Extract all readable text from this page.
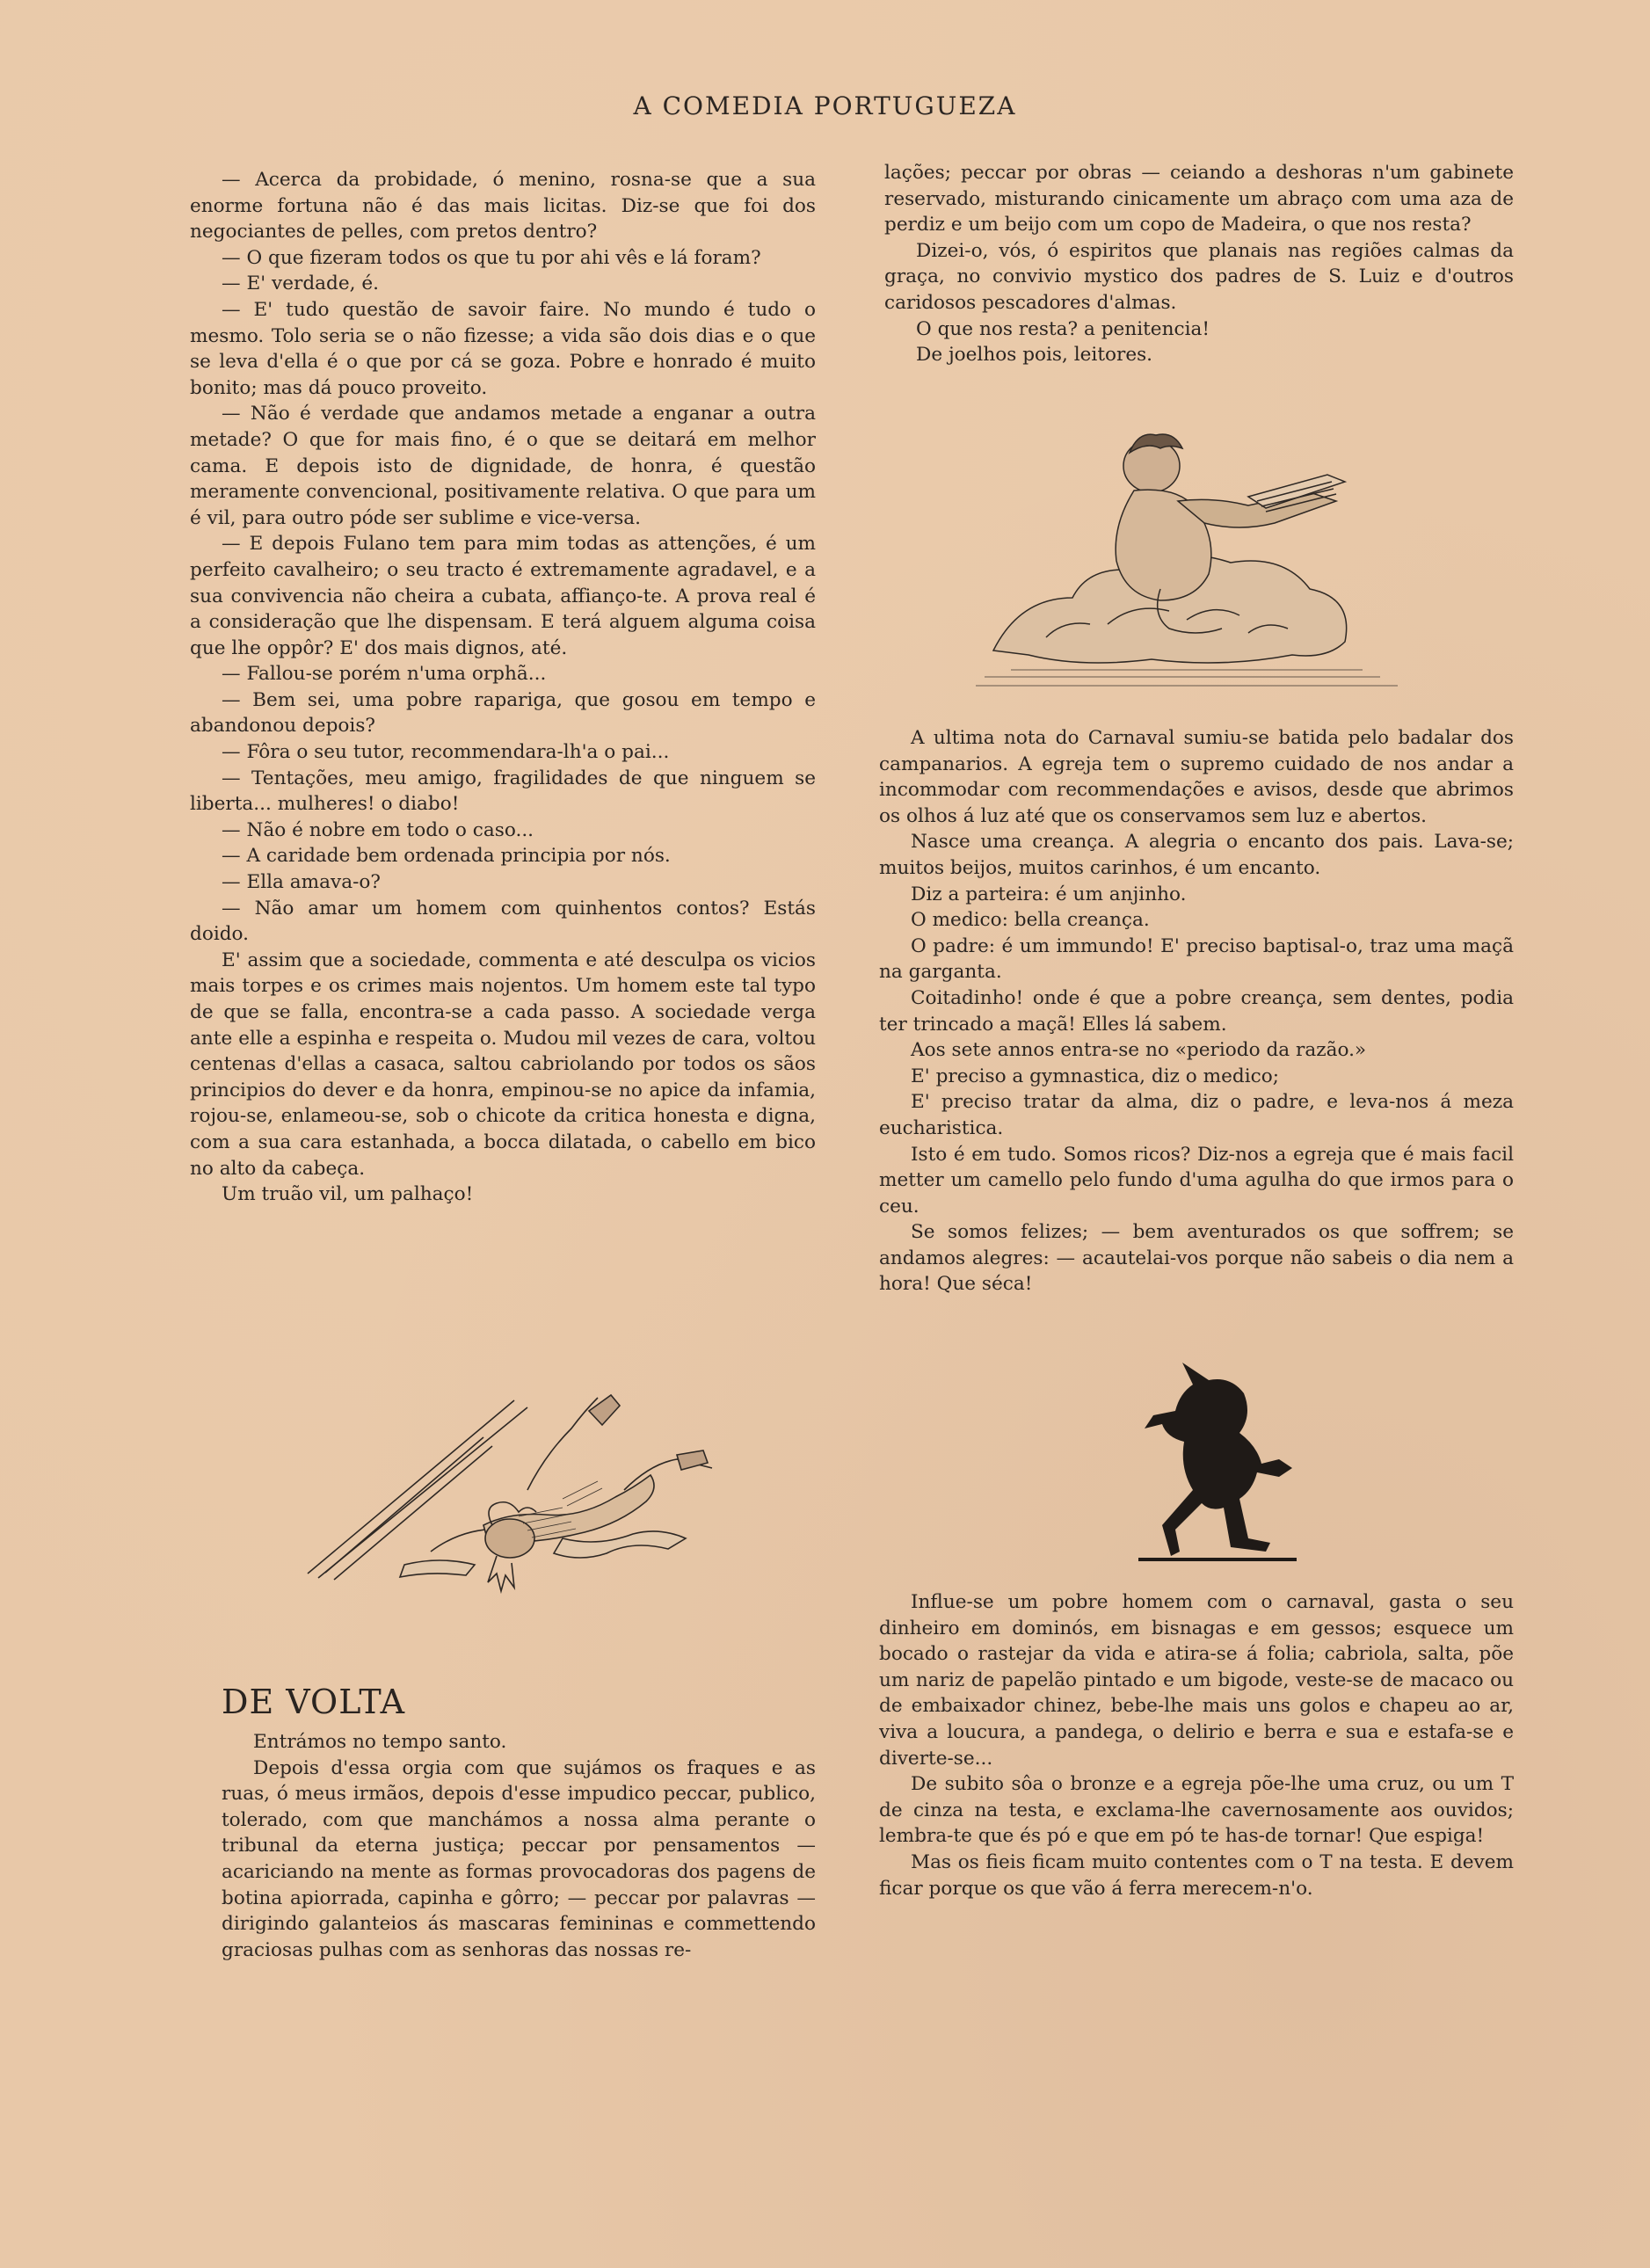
A COMEDIA PORTUGUEZA

— Acerca da probidade, ó menino, rosna-se que a sua enorme fortuna não é das mais licitas. Diz-se que foi dos negociantes de pelles, com pretos dentro?

— O que fizeram todos os que tu por ahi vês e lá foram?

— E' verdade, é.

— E' tudo questão de savoir faire. No mundo é tudo o mesmo. Tolo seria se o não fizesse; a vida são dois dias e o que se leva d'ella é o que por cá se goza. Pobre e honrado é muito bonito; mas dá pouco proveito.

— Não é verdade que andamos metade a enganar a outra metade? O que for mais fino, é o que se deitará em melhor cama. E depois isto de dignidade, de honra, é questão meramente convencional, positivamente relativa. O que para um é vil, para outro póde ser sublime e vice-versa.

— E depois Fulano tem para mim todas as attenções, é um perfeito cavalheiro; o seu tracto é extremamente agradavel, e a sua convivencia não cheira a cubata, affianço-te. A prova real é a consideração que lhe dispensam. E terá alguem alguma coisa que lhe oppôr? E' dos mais dignos, até.

— Fallou-se porém n'uma orphã...

— Bem sei, uma pobre rapariga, que gosou em tempo e abandonou depois?

— Fôra o seu tutor, recommendara-lh'a o pai...

— Tentações, meu amigo, fragilidades de que ninguem se liberta... mulheres! o diabo!

— Não é nobre em todo o caso...

— A caridade bem ordenada principia por nós.

— Ella amava-o?

— Não amar um homem com quinhentos contos? Estás doido.

E' assim que a sociedade, commenta e até desculpa os vicios mais torpes e os crimes mais nojentos. Um homem este tal typo de que se falla, encontra-se a cada passo. A sociedade verga ante elle a espinha e respeita o. Mudou mil vezes de cara, voltou centenas d'ellas a casaca, saltou cabriolando por todos os sãos principios do dever e da honra, empinou-se no apice da infamia, rojou-se, enlameou-se, sob o chicote da critica honesta e digna, com a sua cara estanhada, a bocca dilatada, o cabello em bico no alto da cabeça.

Um truão vil, um palhaço!

DE VOLTA

Entrámos no tempo santo.

Depois d'essa orgia com que sujámos os fraques e as ruas, ó meus irmãos, depois d'esse impudico peccar, publico, tolerado, com que manchámos a nossa alma perante o tribunal da eterna justiça; peccar por pensamentos — acariciando na mente as formas provocadoras dos pagens de botina apiorrada, capinha e gôrro; — peccar por palavras — dirigindo galanteios ás mascaras femininas e commettendo graciosas pulhas com as senhoras das nossas re-

lações; peccar por obras — ceiando a deshoras n'um gabinete reservado, misturando cinicamente um abraço com uma aza de perdiz e um beijo com um copo de Madeira, o que nos resta?

Dizei-o, vós, ó espiritos que planais nas regiões calmas da graça, no convivio mystico dos padres de S. Luiz e d'outros caridosos pescadores d'almas.

O que nos resta? a penitencia!

De joelhos pois, leitores.

A ultima nota do Carnaval sumiu-se batida pelo badalar dos campanarios. A egreja tem o supremo cuidado de nos andar a incommodar com recommendações e avisos, desde que abrimos os olhos á luz até que os conservamos sem luz e abertos.

Nasce uma creança. A alegria o encanto dos pais. Lava-se; muitos beijos, muitos carinhos, é um encanto.

Diz a parteira: é um anjinho.

O medico: bella creança.

O padre: é um immundo! E' preciso baptisal-o, traz uma maçã na garganta.

Coitadinho! onde é que a pobre creança, sem dentes, podia ter trincado a maçã! Elles lá sabem.

Aos sete annos entra-se no «periodo da razão.»

E' preciso a gymnastica, diz o medico;

E' preciso tratar da alma, diz o padre, e leva-nos á meza eucharistica.

Isto é em tudo. Somos ricos? Diz-nos a egreja que é mais facil metter um camello pelo fundo d'uma agulha do que irmos para o ceu.

Se somos felizes; — bem aventurados os que soffrem; se andamos alegres: — acautelai-vos porque não sabeis o dia nem a hora! Que séca!

Influe-se um pobre homem com o carnaval, gasta o seu dinheiro em dominós, em bisnagas e em gessos; esquece um bocado o rastejar da vida e atira-se á folia; cabriola, salta, põe um nariz de papelão pintado e um bigode, veste-se de macaco ou de embaixador chinez, bebe-lhe mais uns golos e chapeu ao ar, viva a loucura, a pandega, o delirio e berra e sua e estafa-se e diverte-se...

De subito sôa o bronze e a egreja põe-lhe uma cruz, ou um T de cinza na testa, e exclama-lhe cavernosamente aos ouvidos; lembra-te que és pó e que em pó te has-de tornar! Que espiga!

Mas os fieis ficam muito contentes com o T na testa. E devem ficar porque os que vão á ferra merecem-n'o.
